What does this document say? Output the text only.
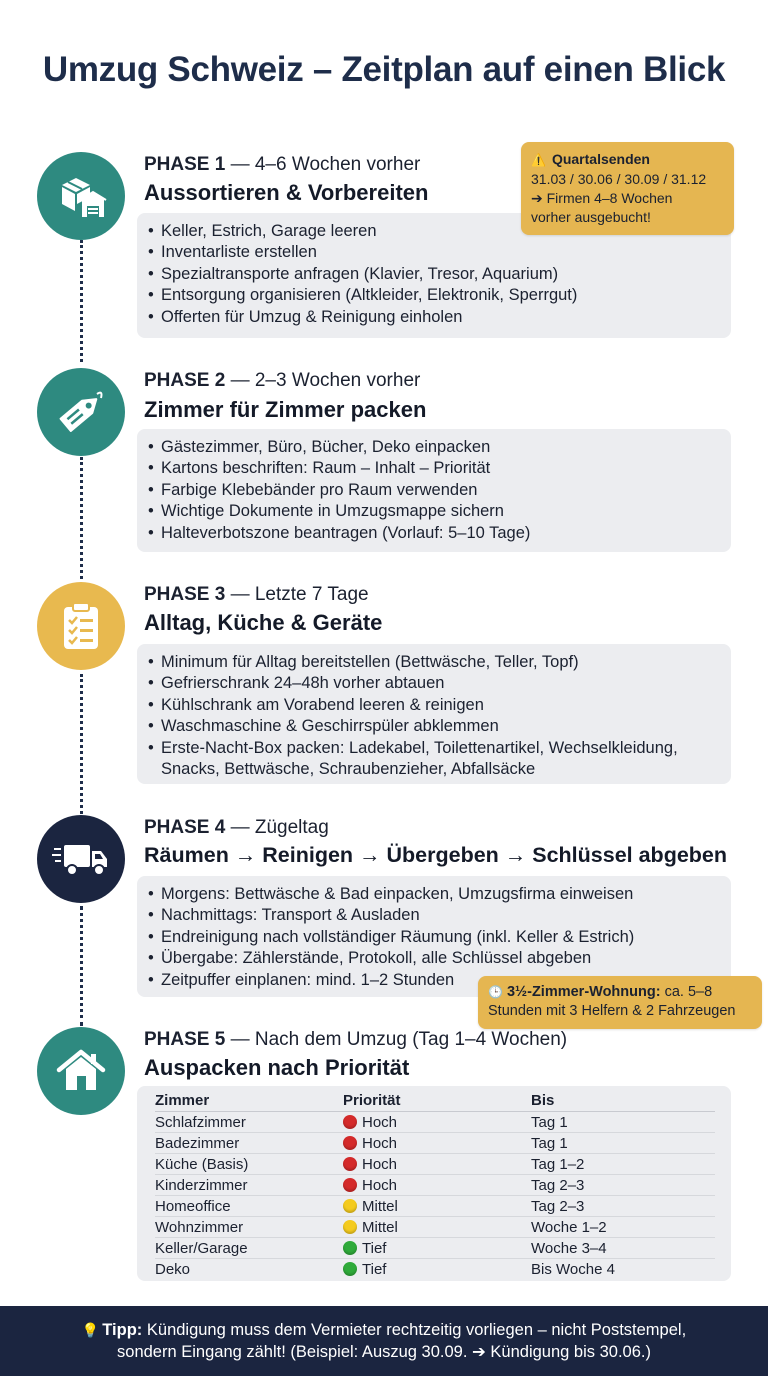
Umzug Schweiz – Zeitplan auf einen Blick
PHASE 1 — 4–6 Wochen vorher
Aussortieren & Vorbereiten
• Keller, Estrich, Garage leeren
• Inventarliste erstellen
• Spezialtransporte anfragen (Klavier, Tresor, Aquarium)
• Entsorgung organisieren (Altkleider, Elektronik, Sperrgut)
• Offerten für Umzug & Reinigung einholen
⚠️ Quartalsenden
31.03 / 30.06 / 30.09 / 31.12
➔ Firmen 4–8 Wochen
vorher ausgebucht!
PHASE 2 — 2–3 Wochen vorher
Zimmer für Zimmer packen
• Gästezimmer, Büro, Bücher, Deko einpacken
• Kartons beschriften: Raum – Inhalt – Priorität
• Farbige Klebebänder pro Raum verwenden
• Wichtige Dokumente in Umzugsmappe sichern
• Halteverbotszone beantragen (Vorlauf: 5–10 Tage)
PHASE 3 — Letzte 7 Tage
Alltag, Küche & Geräte
• Minimum für Alltag bereitstellen (Bettwäsche, Teller, Topf)
• Gefrierschrank 24–48h vorher abtauen
• Kühlschrank am Vorabend leeren & reinigen
• Waschmaschine & Geschirrspüler abklemmen
• Erste-Nacht-Box packen: Ladekabel, Toilettenartikel, Wechselkleidung, Snacks, Bettwäsche, Schraubenzieher, Abfallsäcke
PHASE 4 — Zügeltag
Räumen → Reinigen → Übergeben → Schlüssel abgeben
• Morgens: Bettwäsche & Bad einpacken, Umzugsfirma einweisen
• Nachmittags: Transport & Ausladen
• Endreinigung nach vollständiger Räumung (inkl. Keller & Estrich)
• Übergabe: Zählerstände, Protokoll, alle Schlüssel abgeben
• Zeitpuffer einplanen: mind. 1–2 Stunden
🕒 3½-Zimmer-Wohnung: ca. 5–8
Stunden mit 3 Helfern & 2 Fahrzeugen
PHASE 5 — Nach dem Umzug (Tag 1–4 Wochen)
Auspacken nach Priorität
Zimmer	Priorität	Bis
Schlafzimmer	Hoch	Tag 1
Badezimmer	Hoch	Tag 1
Küche (Basis)	Hoch	Tag 1–2
Kinderzimmer	Hoch	Tag 2–3
Homeoffice	Mittel	Tag 2–3
Wohnzimmer	Mittel	Woche 1–2
Keller/Garage	Tief	Woche 3–4
Deko	Tief	Bis Woche 4
💡 Tipp: Kündigung muss dem Vermieter rechtzeitig vorliegen – nicht Poststempel,
sondern Eingang zählt! (Beispiel: Auszug 30.09. ➔ Kündigung bis 30.06.)
